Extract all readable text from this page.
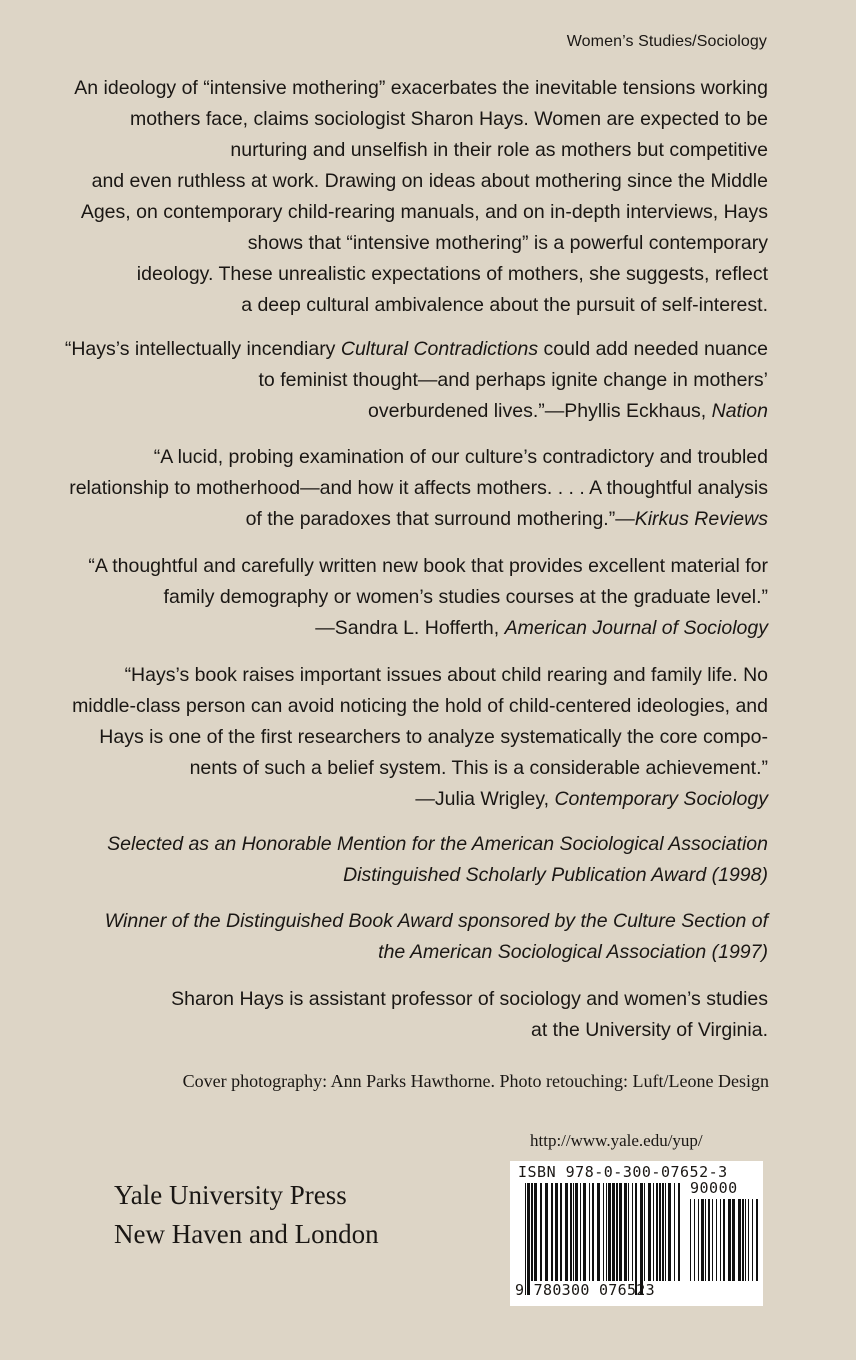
Women’s Studies/Sociology

An ideology of “intensive mothering” exacerbates the inevitable tensions working
mothers face, claims sociologist Sharon Hays. Women are expected to be
nurturing and unselfish in their role as mothers but competitive
and even ruthless at work. Drawing on ideas about mothering since the Middle
Ages, on contemporary child-rearing manuals, and on in-depth interviews, Hays
shows that “intensive mothering” is a powerful contemporary
ideology. These unrealistic expectations of mothers, she suggests, reflect
a deep cultural ambivalence about the pursuit of self-interest.

“Hays’s intellectually incendiary Cultural Contradictions could add needed nuance
to feminist thought—and perhaps ignite change in mothers’
overburdened lives.”—Phyllis Eckhaus, Nation

“A lucid, probing examination of our culture’s contradictory and troubled
relationship to motherhood—and how it affects mothers. . . . A thoughtful analysis
of the paradoxes that surround mothering.”—Kirkus Reviews

“A thoughtful and carefully written new book that provides excellent material for
family demography or women’s studies courses at the graduate level.”
—Sandra L. Hofferth, American Journal of Sociology

“Hays’s book raises important issues about child rearing and family life. No
middle-class person can avoid noticing the hold of child-centered ideologies, and
Hays is one of the first researchers to analyze systematically the core compo-
nents of such a belief system. This is a considerable achievement.”
—Julia Wrigley, Contemporary Sociology

Selected as an Honorable Mention for the American Sociological Association
Distinguished Scholarly Publication Award (1998)

Winner of the Distinguished Book Award sponsored by the Culture Section of
the American Sociological Association (1997)

Sharon Hays is assistant professor of sociology and women’s studies
at the University of Virginia.

Cover photography: Ann Parks Hawthorne. Photo retouching: Luft/Leone Design
http://www.yale.edu/yup/
Yale University Press
New Haven and London
ISBN 978-0-300-07652-3
90000
9 780300 076523
